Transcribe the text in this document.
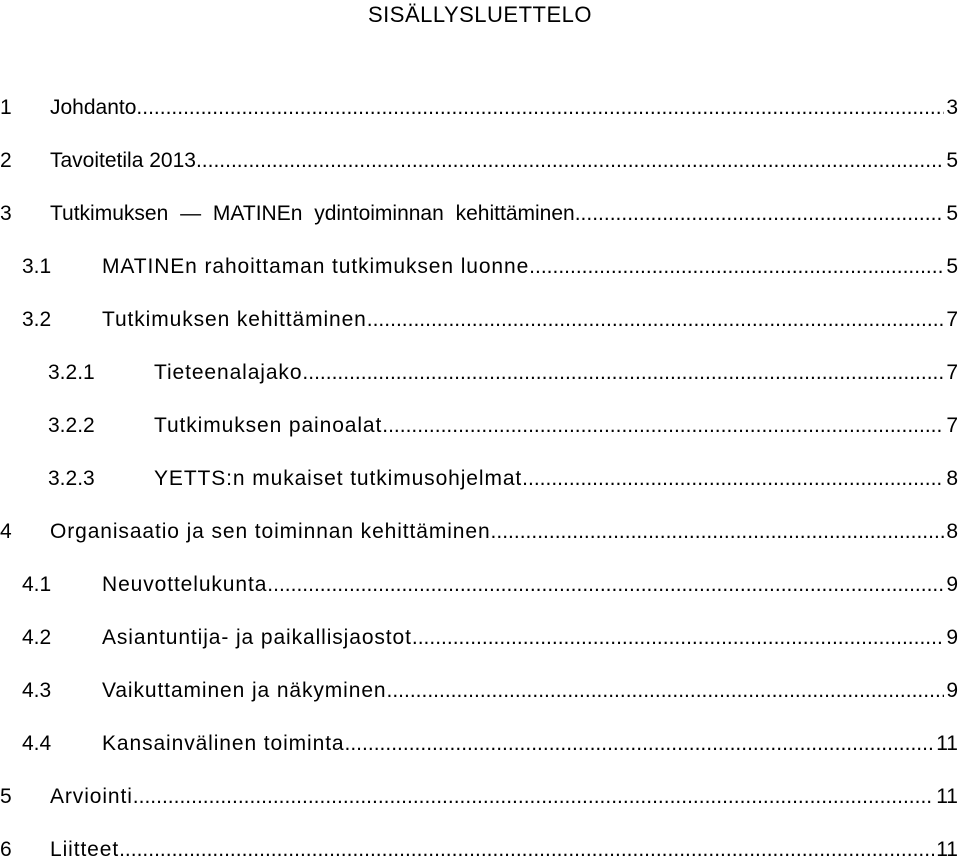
SISÄLLYSLUETTELO
1 Johdanto .....	3
2 Tavoitetila 2013 .....	5
3 Tutkimuksen — MATINEn ydintoiminnan kehittäminen .....	5
3.1 MATINEn rahoittaman tutkimuksen luonne .....	5
3.2 Tutkimuksen kehittäminen .....	7
3.2.1	Tieteenalajako .....	7
3.2.2	Tutkimuksen painoalat .....	7
3.2.3	YETTS:n mukaiset tutkimusohjelmat .....	8
4 Organisaatio ja sen toiminnan kehittäminen .....	8
4.1 Neuvottelukunta .....	9
4.2 Asiantuntija- ja paikallisjaostot .....	9
4.3 Vaikuttaminen ja näkyminen .....	9
4.4 Kansainvälinen toiminta .....	11
5 Arviointi .....	11
6 Liitteet .....	11
